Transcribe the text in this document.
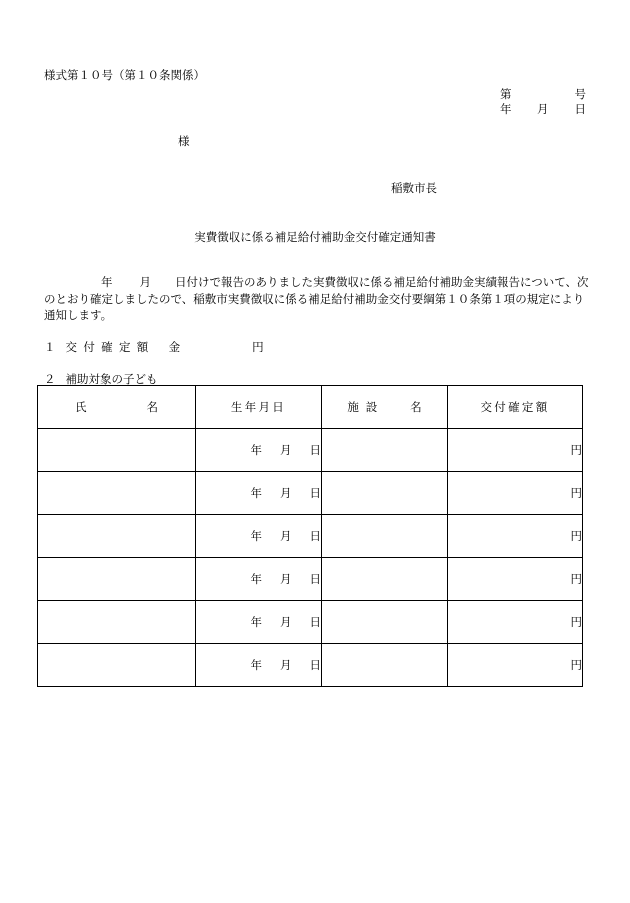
様式第１０号（第１０条関係）
第	号
年 月 日
様
稲敷市長
実費徴収に係る補足給付補助金交付確定通知書
年 月 日付けで報告のありました実費徴収に係る補足給付補助金実績報告について、次のとおり確定しましたので、稲敷市実費徴収に係る補足給付補助金交付要綱第１０条第１項の規定により通知します。
１ 交付確定額 金	円
２ 補助対象の子ども
氏 名	生年月日	施設 名	交付確定額
	年 月 日		円
	年 月 日		円
	年 月 日		円
	年 月 日		円
	年 月 日		円
	年 月 日		円
